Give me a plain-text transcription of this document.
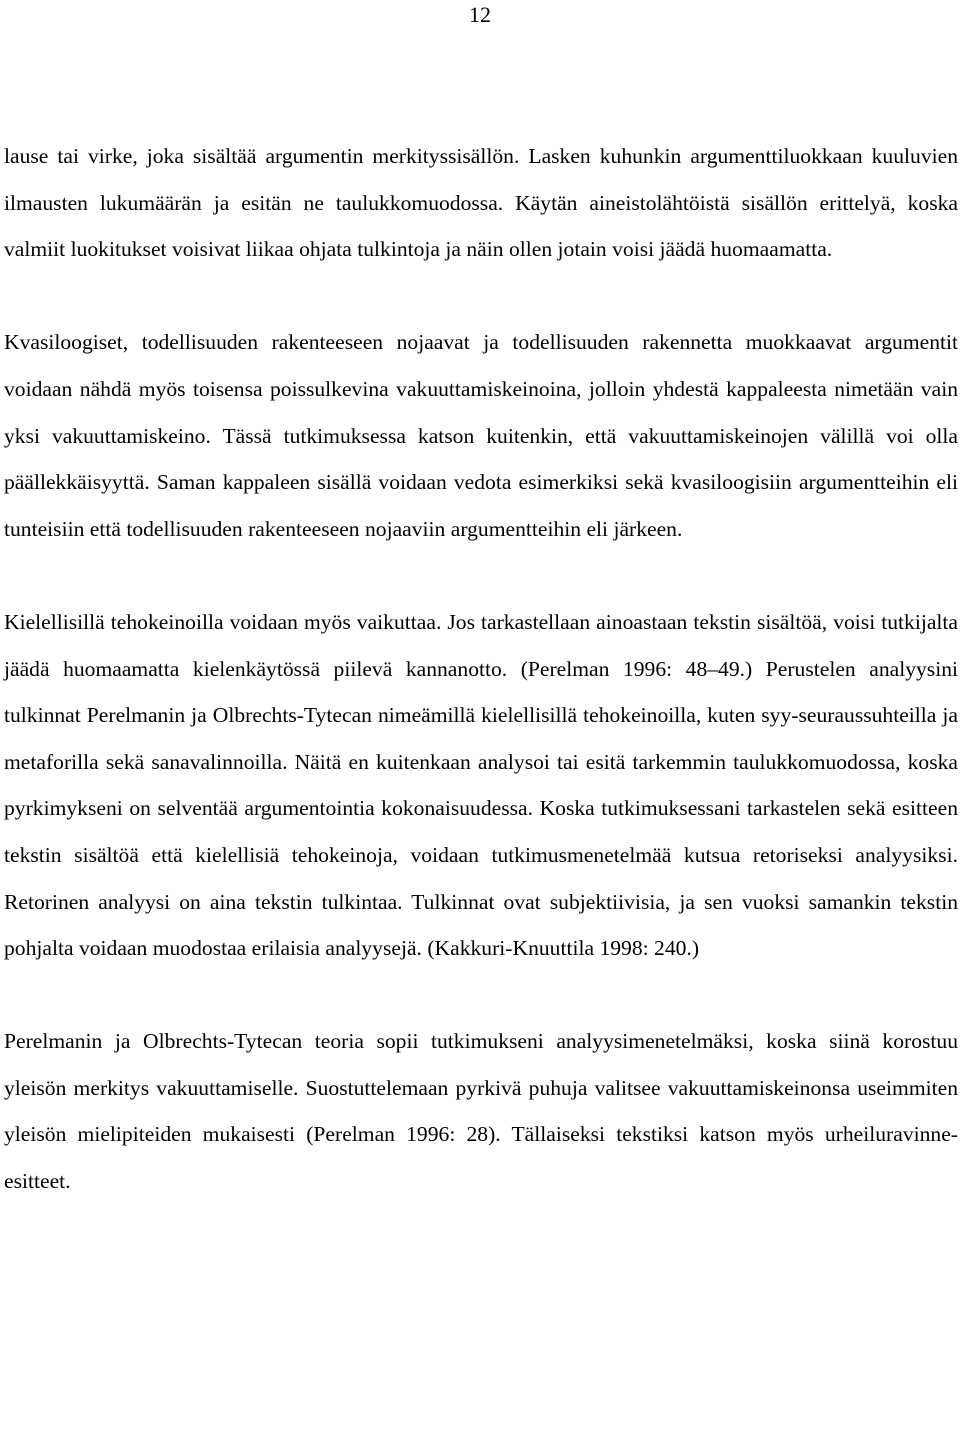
12

lause tai virke, joka sisältää argumentin merkityssisällön. Lasken kuhunkin argumenttiluokkaan kuuluvien ilmausten lukumäärän ja esitän ne taulukkomuodossa. Käytän aineistolähtöistä sisällön erittelyä, koska valmiit luokitukset voisivat liikaa ohjata tulkintoja ja näin ollen jotain voisi jäädä huomaamatta.

Kvasiloogiset, todellisuuden rakenteeseen nojaavat ja todellisuuden rakennetta muokkaavat argumentit voidaan nähdä myös toisensa poissulkevina vakuuttamiskeinoina, jolloin yhdestä kappaleesta nimetään vain yksi vakuuttamiskeino. Tässä tutkimuksessa katson kuitenkin, että vakuuttamiskeinojen välillä voi olla päällekkäisyyttä. Saman kappaleen sisällä voidaan vedota esimerkiksi sekä kvasiloogisiin argumentteihin eli tunteisiin että todellisuuden rakenteeseen nojaaviin argumentteihin eli järkeen.

Kielellisillä tehokeinoilla voidaan myös vaikuttaa. Jos tarkastellaan ainoastaan tekstin sisältöä, voisi tutkijalta jäädä huomaamatta kielenkäytössä piilevä kannanotto. (Perelman 1996: 48–49.) Perustelen analyysini tulkinnat Perelmanin ja Olbrechts-Tytecan nimeämillä kielellisillä tehokeinoilla, kuten syy-seuraussuhteilla ja metaforilla sekä sanavalinnoilla. Näitä en kuitenkaan analysoi tai esitä tarkemmin taulukkomuodossa, koska pyrkimykseni on selventää argumentointia kokonaisuudessa. Koska tutkimuksessani tarkastelen sekä esitteen tekstin sisältöä että kielellisiä tehokeinoja, voidaan tutkimusmenetelmää kutsua retoriseksi analyysiksi. Retorinen analyysi on aina tekstin tulkintaa. Tulkinnat ovat subjektiivisia, ja sen vuoksi samankin tekstin pohjalta voidaan muodostaa erilaisia analyysejä. (Kakkuri-Knuuttila 1998: 240.)

Perelmanin ja Olbrechts-Tytecan teoria sopii tutkimukseni analyysimenetelmäksi, koska siinä korostuu yleisön merkitys vakuuttamiselle. Suostuttelemaan pyrkivä puhuja valitsee vakuuttamiskeinonsa useimmiten yleisön mielipiteiden mukaisesti (Perelman 1996: 28). Tällaiseksi tekstiksi katson myös urheiluravinne-esitteet.
